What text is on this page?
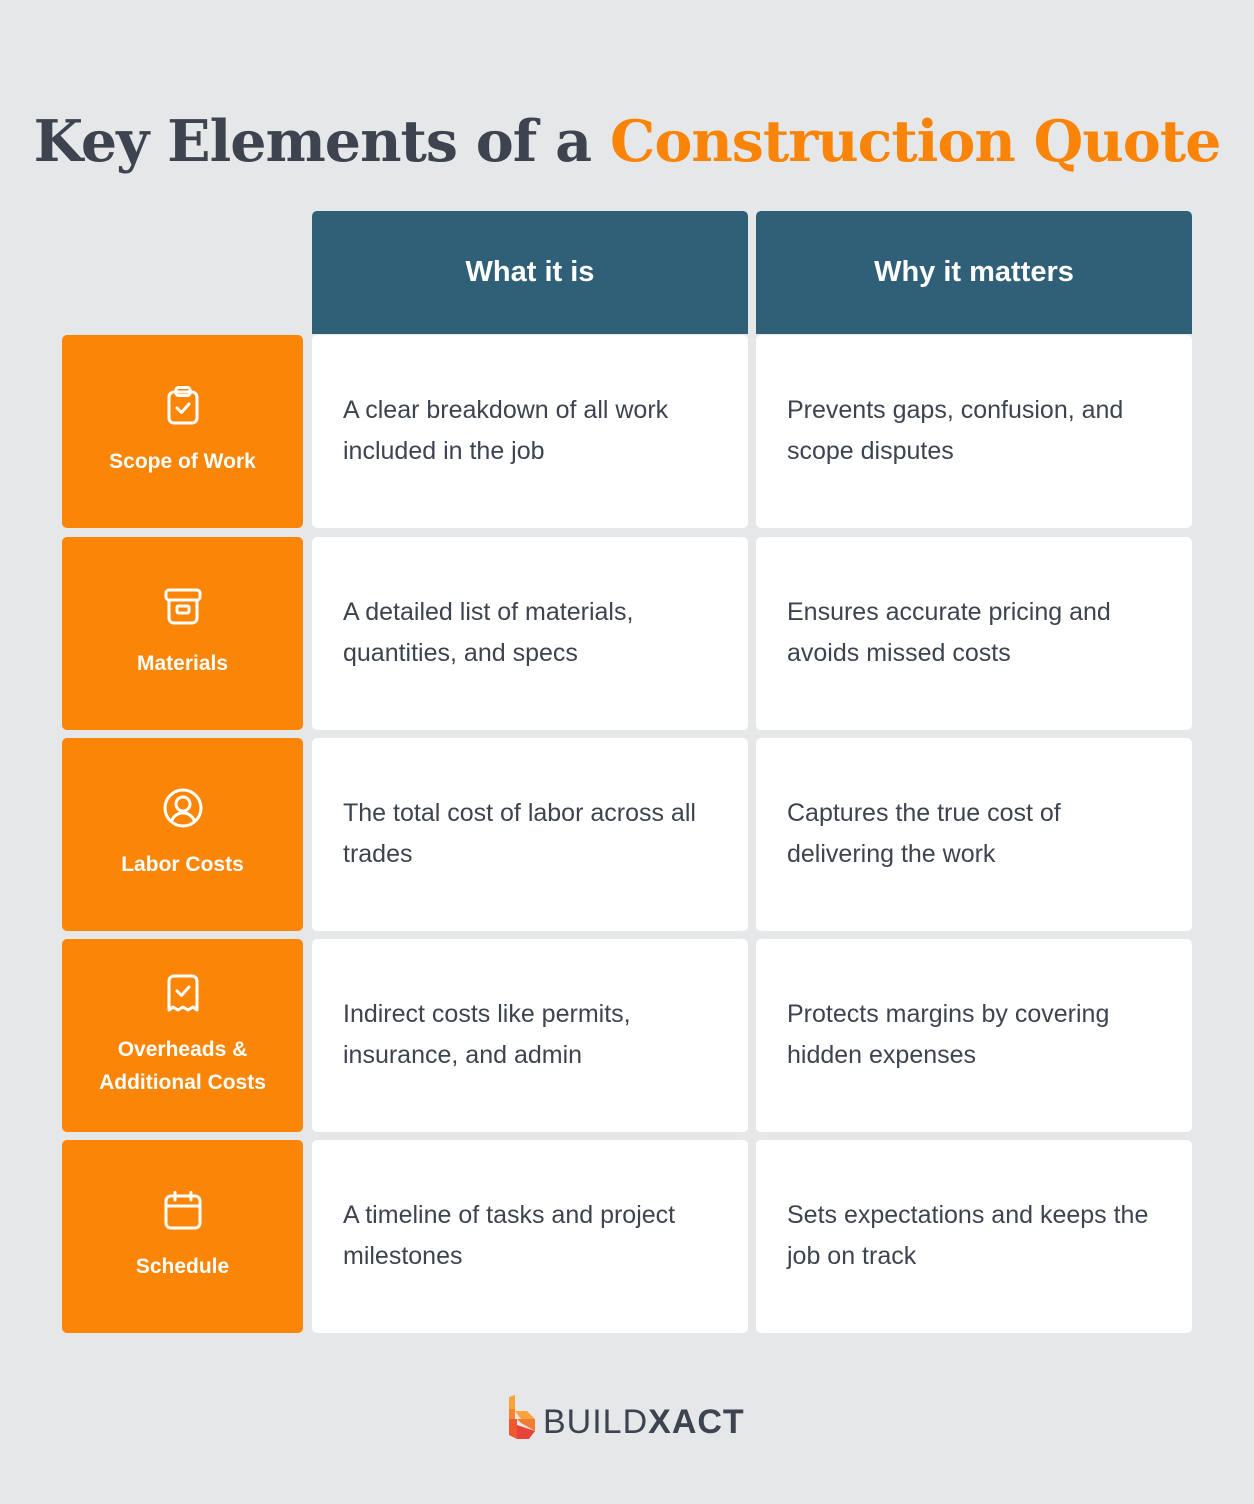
Key Elements of a Construction Quote
What it is	Why it matters
Scope of Work
A clear breakdown of all work included in the job
Prevents gaps, confusion, and scope disputes
Materials
A detailed list of materials, quantities, and specs
Ensures accurate pricing and avoids missed costs
Labor Costs
The total cost of labor across all trades
Captures the true cost of delivering the work
Overheads & Additional Costs
Indirect costs like permits, insurance, and admin
Protects margins by covering hidden expenses
Schedule
A timeline of tasks and project milestones
Sets expectations and keeps the job on track
BUILDXACT
